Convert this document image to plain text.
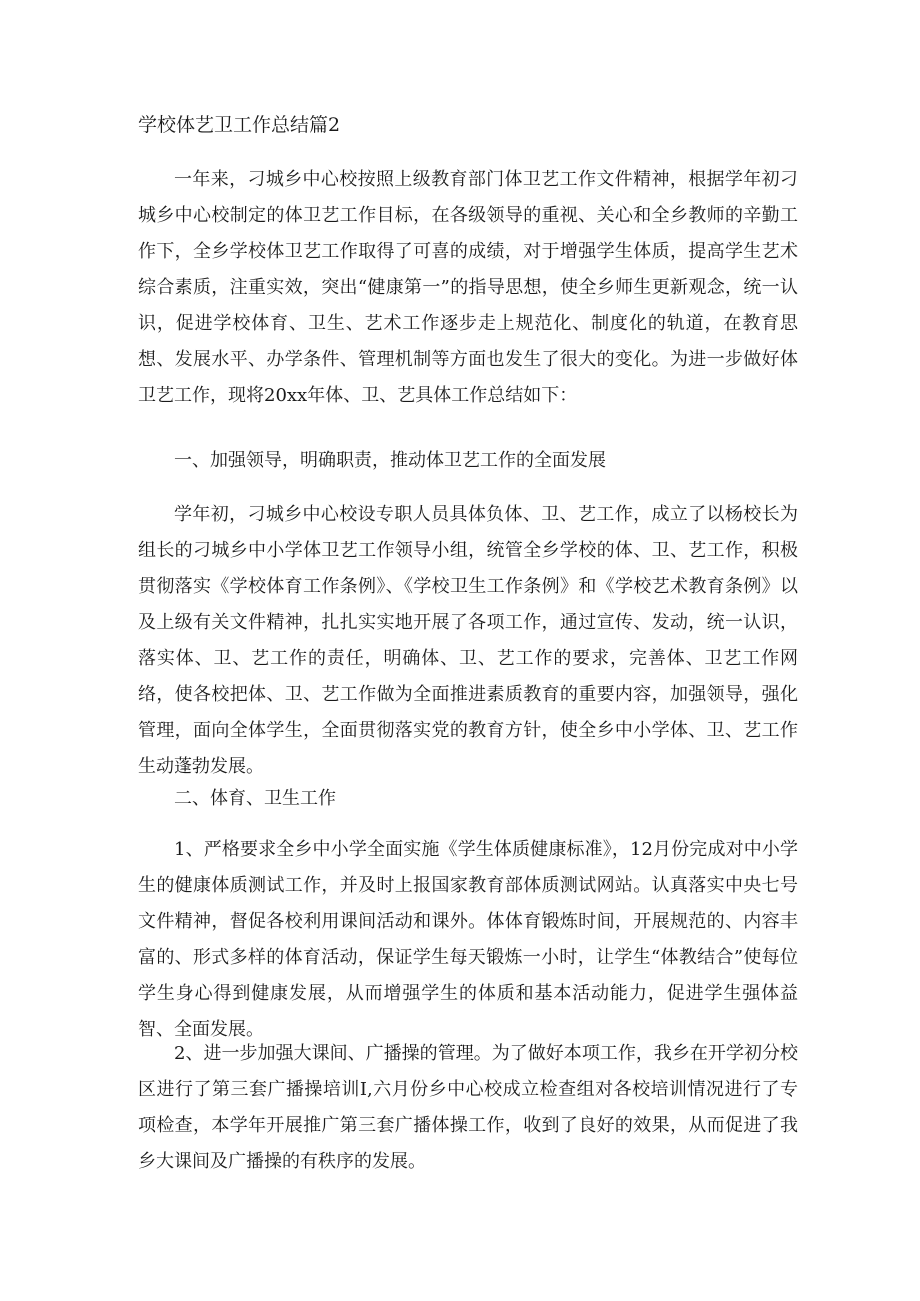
学校体艺卫工作总结篇2

一年来，刁城乡中心校按照上级教育部门体卫艺工作文件精神，根据学年初刁城乡中心校制定的体卫艺工作目标，在各级领导的重视、关心和全乡教师的辛勤工作下，全乡学校体卫艺工作取得了可喜的成绩，对于增强学生体质，提高学生艺术综合素质，注重实效，突出“健康第一”的指导思想，使全乡师生更新观念，统一认识，促进学校体育、卫生、艺术工作逐步走上规范化、制度化的轨道，在教育思想、发展水平、办学条件、管理机制等方面也发生了很大的变化。为进一步做好体卫艺工作，现将20xx年体、卫、艺具体工作总结如下：

一、加强领导，明确职责，推动体卫艺工作的全面发展

学年初，刁城乡中心校设专职人员具体负体、卫、艺工作，成立了以杨校长为组长的刁城乡中小学体卫艺工作领导小组，统管全乡学校的体、卫、艺工作，积极贯彻落实《学校体育工作条例》、《学校卫生工作条例》和《学校艺术教育条例》以及上级有关文件精神，扎扎实实地开展了各项工作，通过宣传、发动，统一认识，落实体、卫、艺工作的责任，明确体、卫、艺工作的要求，完善体、卫艺工作网络，使各校把体、卫、艺工作做为全面推进素质教育的重要内容，加强领导，强化管理，面向全体学生，全面贯彻落实党的教育方针，使全乡中小学体、卫、艺工作生动蓬勃发展。

二、体育、卫生工作

1、严格要求全乡中小学全面实施《学生体质健康标准》，12月份完成对中小学生的健康体质测试工作，并及时上报国家教育部体质测试网站。认真落实中央七号文件精神，督促各校利用课间活动和课外。体体育锻炼时间，开展规范的、内容丰富的、形式多样的体育活动，保证学生每天锻炼一小时，让学生“体教结合”使每位学生身心得到健康发展，从而增强学生的体质和基本活动能力，促进学生强体益智、全面发展。

2、进一步加强大课间、广播操的管理。为了做好本项工作，我乡在开学初分校区进行了第三套广播操培训I,六月份乡中心校成立检查组对各校培训情况进行了专项检查，本学年开展推广第三套广播体操工作，收到了良好的效果，从而促进了我乡大课间及广播操的有秩序的发展。
